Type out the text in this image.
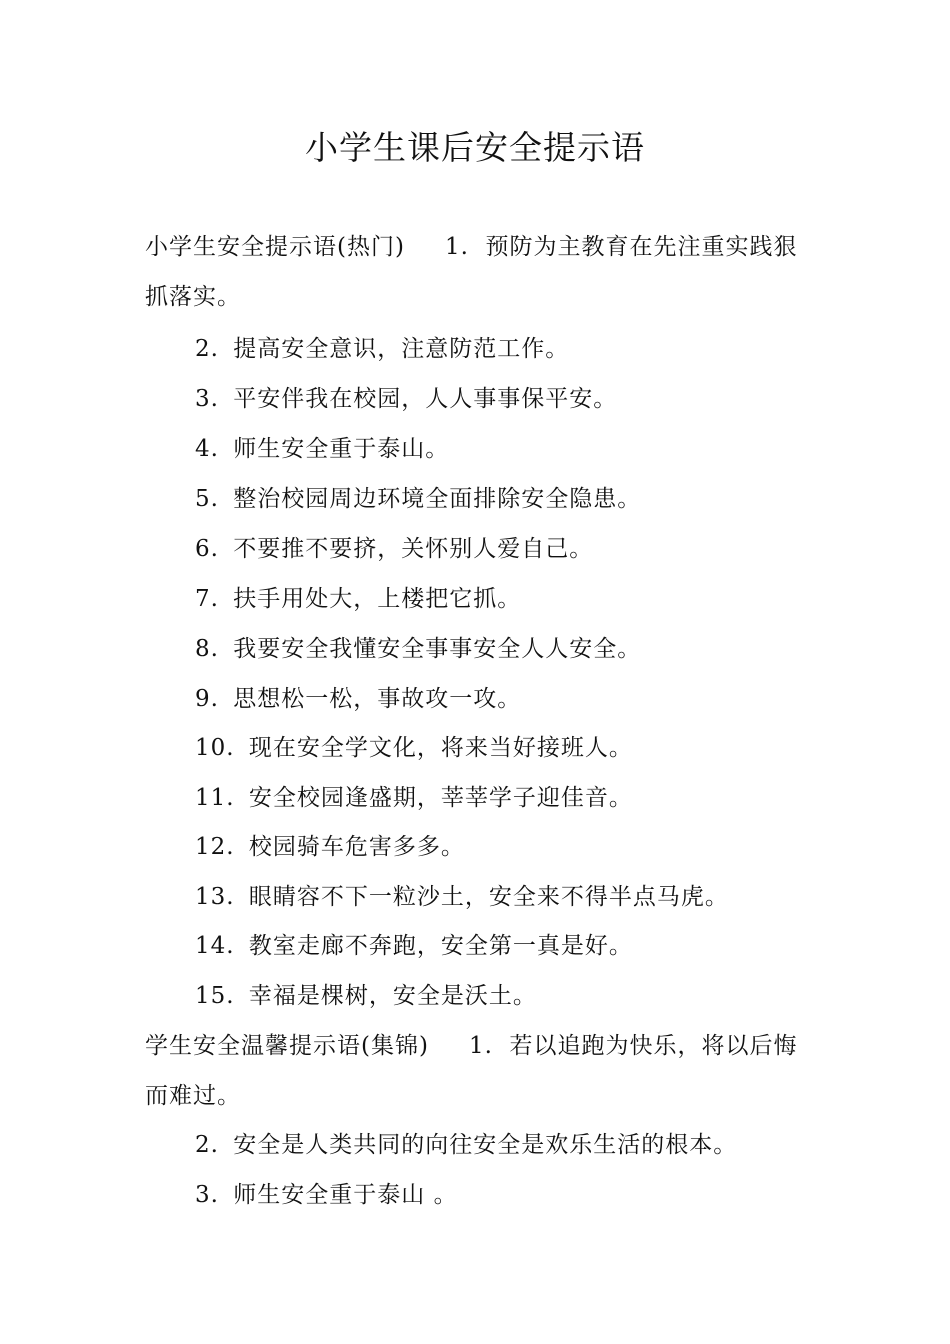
小学生课后安全提示语
小学生安全提示语(热门) 1. 预防为主教育在先注重实践狠抓落实。
2. 提高安全意识，注意防范工作。
3. 平安伴我在校园，人人事事保平安。
4. 师生安全重于泰山。
5. 整治校园周边环境全面排除安全隐患。
6. 不要推不要挤，关怀别人爱自己。
7. 扶手用处大，上楼把它抓。
8. 我要安全我懂安全事事安全人人安全。
9. 思想松一松，事故攻一攻。
10. 现在安全学文化，将来当好接班人。
11. 安全校园逢盛期，莘莘学子迎佳音。
12. 校园骑车危害多多。
13. 眼睛容不下一粒沙土，安全来不得半点马虎。
14. 教室走廊不奔跑，安全第一真是好。
15. 幸福是棵树，安全是沃土。
学生安全温馨提示语(集锦) 1. 若以追跑为快乐，将以后悔而难过。
2. 安全是人类共同的向往安全是欢乐生活的根本。
3. 师生安全重于泰山 。
